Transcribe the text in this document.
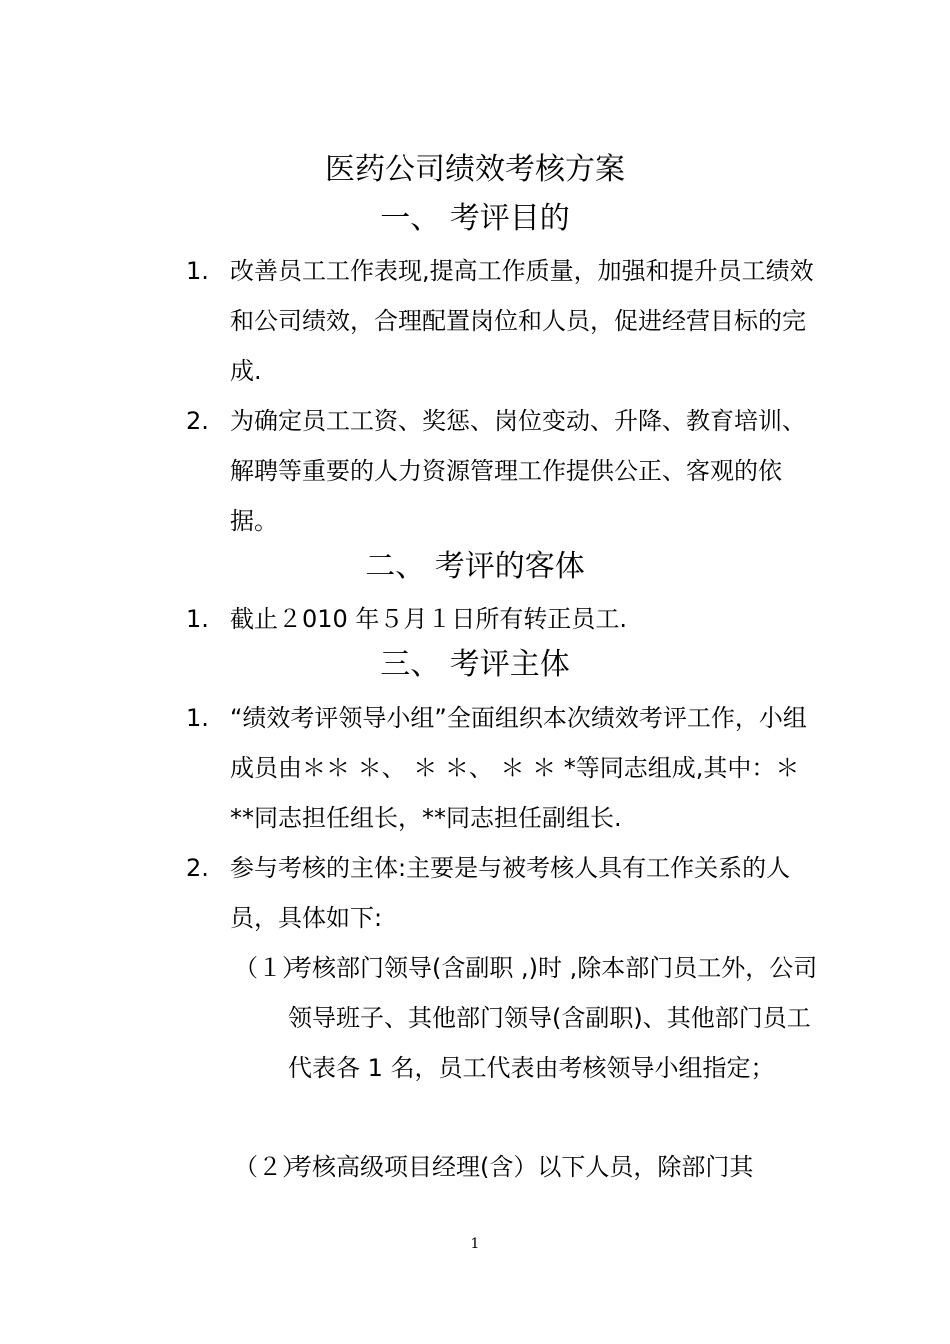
医药公司绩效考核方案
一、 考评目的
1. 改善员工工作表现,提高工作质量，加强和提升员工绩效和公司绩效，合理配置岗位和人员，促进经营目标的完成.
2. 为确定员工工资、奖惩、岗位变动、升降、教育培训、解聘等重要的人力资源管理工作提供公正、客观的依据。
二、 考评的客体
1. 截止２010 年５月１日所有转正员工.
三、 考评主体
1. “绩效考评领导小组”全面组织本次绩效考评工作，小组成员由＊＊ ＊、 ＊ ＊、 ＊ ＊ *等同志组成,其中：＊**同志担任组长，**同志担任副组长.
2. 参与考核的主体:主要是与被考核人具有工作关系的人员，具体如下:
（１）
考核部门领导(含副职 ,)时 ,除本部门员工外，公司领导班子、其他部门领导(含副职)、其他部门员工代表各 1 名，员工代表由考核领导小组指定；
（２）
考核高级项目经理(含）以下人员，除部门其
1
